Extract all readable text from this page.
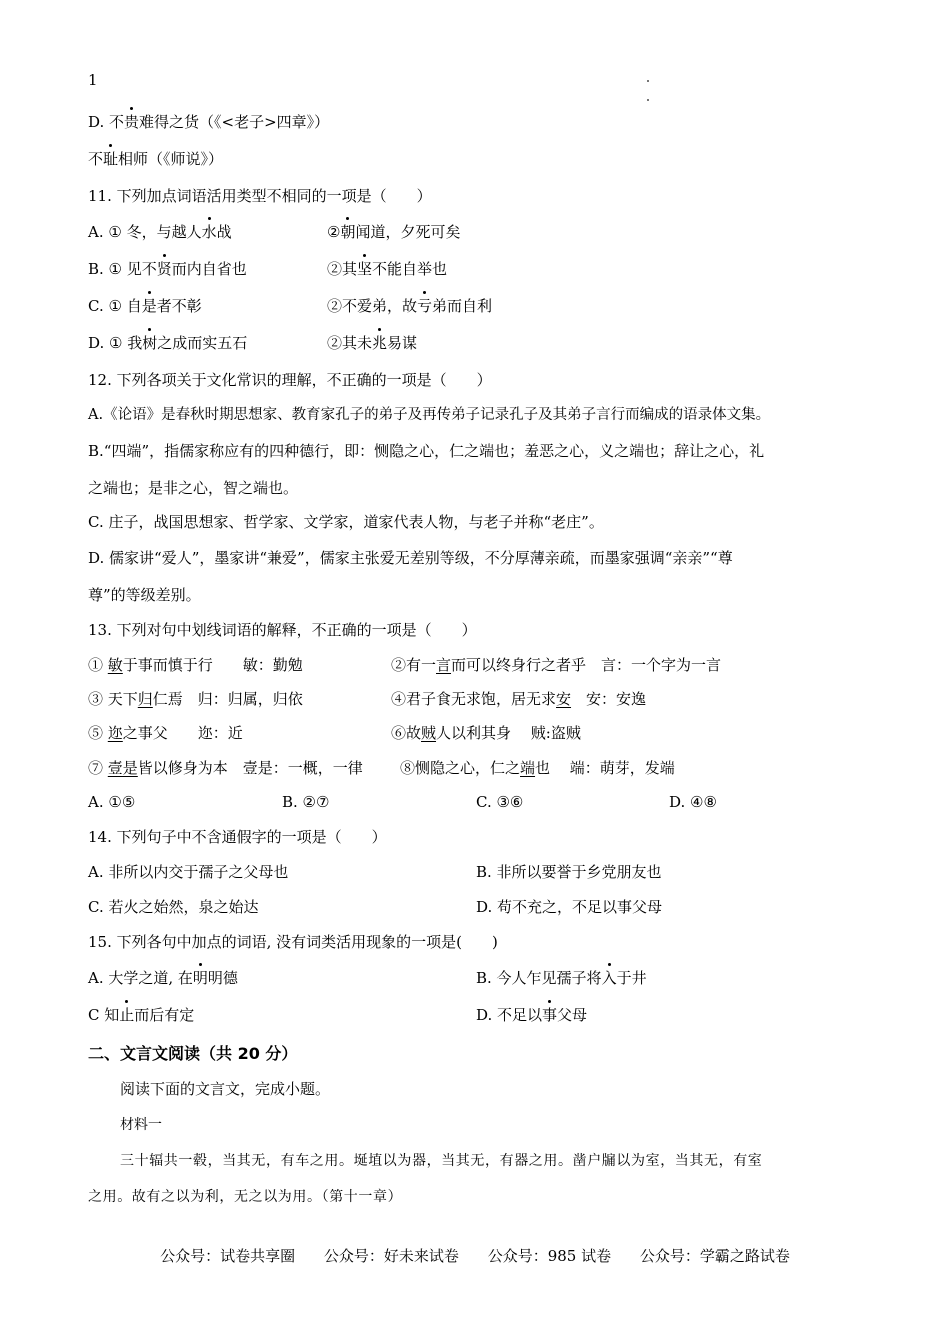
1
D. 不贵难得之货（《<老子>四章》）
不耻相师（《师说》）
11. 下列加点词语活用类型不相同的一项是（　　）
A. ① 冬，与越人水战	②朝闻道，夕死可矣
B. ① 见不贤而内自省也	②其坚不能自举也
C. ① 自是者不彰	②不爱弟，故亏弟而自利
D. ① 我树之成而实五石	②其未兆易谋
12. 下列各项关于文化常识的理解，不正确的一项是（　　）
A.《论语》是春秋时期思想家、教育家孔子的弟子及再传弟子记录孔子及其弟子言行而编成的语录体文集。
B.“四端”，指儒家称应有的四种德行，即：恻隐之心，仁之端也；羞恶之心，义之端也；辞让之心，礼
之端也；是非之心，智之端也。
C. 庄子，战国思想家、哲学家、文学家，道家代表人物，与老子并称“老庄”。
D. 儒家讲“爱人”，墨家讲“兼爱”，儒家主张爱无差别等级，不分厚薄亲疏，而墨家强调“亲亲”“尊
尊”的等级差别。
13. 下列对句中划线词语的解释，不正确的一项是（　　）
① 敏于事而慎于行　　敏：勤勉	②有一言而可以终身行之者乎　言：一个字为一言
③ 天下归仁焉　归：归属，归依	④君子食无求饱，居无求安　安：安逸
⑤ 迩之事父　　迩：近	⑥故贼人以利其身　 贼:盗贼
⑦ 壹是皆以修身为本　壹是：一概，一律 ⑧恻隐之心，仁之端也　 端：萌芽，发端
A. ①⑤	B. ②⑦	C. ③⑥	D. ④⑧
14. 下列句子中不含通假字的一项是（　　）
A. 非所以内交于孺子之父母也	B. 非所以要誉于乡党朋友也
C. 若火之始然，泉之始达	D. 苟不充之，不足以事父母
15. 下列各句中加点的词语, 没有词类活用现象的一项是(　　)
A. 大学之道, 在明明德	B. 今人乍见孺子将入于井
C 知止而后有定	D. 不足以事父母
二、文言文阅读（共 20 分）
阅读下面的文言文，完成小题。
材料一
三十辐共一毂，当其无，有车之用。埏埴以为器，当其无，有器之用。凿户牖以为室，当其无，有室
之用。故有之以为利，无之以为用。（第十一章）
公众号：试卷共享圈 公众号：好未来试卷 公众号：985 试卷 公众号：学霸之路试卷
